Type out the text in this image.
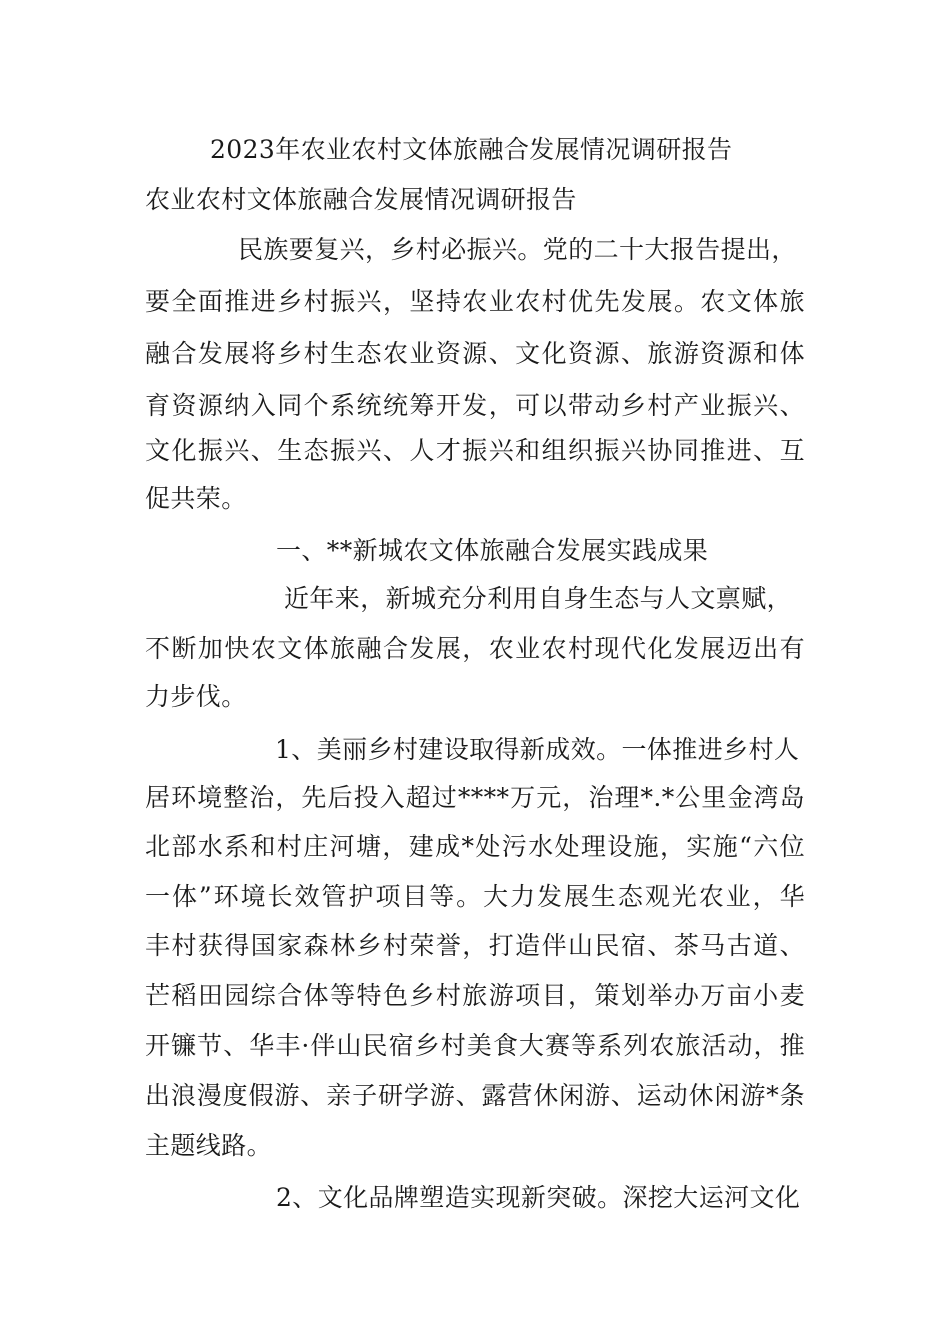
2023年农业农村文体旅融合发展情况调研报告
农业农村文体旅融合发展情况调研报告
民族要复兴，乡村必振兴。党的二十大报告提出，
要全面推进乡村振兴，坚持农业农村优先发展。农文体旅
融合发展将乡村生态农业资源、文化资源、旅游资源和体
育资源纳入同个系统统筹开发，可以带动乡村产业振兴、
文化振兴、生态振兴、人才振兴和组织振兴协同推进、互
促共荣。
一、**新城农文体旅融合发展实践成果
近年来，新城充分利用自身生态与人文禀赋，
不断加快农文体旅融合发展，农业农村现代化发展迈出有
力步伐。
1、美丽乡村建设取得新成效。一体推进乡村人
居环境整治，先后投入超过****万元，治理*.*公里金湾岛
北部水系和村庄河塘，建成*处污水处理设施，实施“六位
一体”环境长效管护项目等。大力发展生态观光农业，华
丰村获得国家森林乡村荣誉，打造伴山民宿、茶马古道、
芒稻田园综合体等特色乡村旅游项目，策划举办万亩小麦
开镰节、华丰·伴山民宿乡村美食大赛等系列农旅活动，推
出浪漫度假游、亲子研学游、露营休闲游、运动休闲游*条
主题线路。
2、文化品牌塑造实现新突破。深挖大运河文化
